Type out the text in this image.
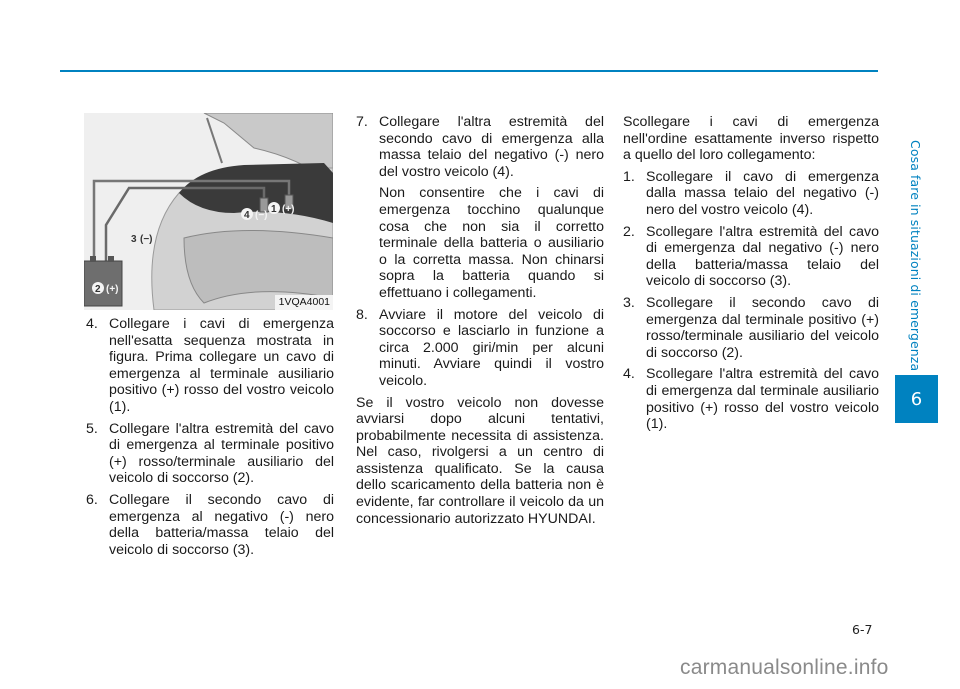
1 (+)
4 (−)
3 (−)
2 (+)
1VQA4001
4. Collegare i cavi di emergenza nell'esatta sequenza mostrata in figura. Prima collegare un cavo di emergenza al terminale ausiliario positivo (+) rosso del vostro veicolo (1).
5. Collegare l'altra estremità del cavo di emergenza al terminale positivo (+) rosso/terminale ausiliario del veicolo di soccorso (2).
6. Collegare il secondo cavo di emergenza al negativo (-) nero della batteria/massa telaio del veicolo di soccorso (3).
7. Collegare l'altra estremità del secondo cavo di emergenza alla massa telaio del negativo (-) nero del vostro veicolo (4).
Non consentire che i cavi di emergenza tocchino qualunque cosa che non sia il corretto terminale della batteria o ausiliario o la corretta massa. Non chinarsi sopra la batteria quando si effettuano i collegamenti.
8. Avviare il motore del veicolo di soccorso e lasciarlo in funzione a circa 2.000 giri/min per alcuni minuti. Avviare quindi il vostro veicolo.

Se il vostro veicolo non dovesse avviarsi dopo alcuni tentativi, probabilmente necessita di assistenza. Nel caso, rivolgersi a un centro di assistenza qualificato. Se la causa dello scaricamento della batteria non è evidente, far controllare il veicolo da un concessionario autorizzato HYUNDAI.

Scollegare i cavi di emergenza nell'ordine esattamente inverso rispetto a quello del loro collegamento:

1. Scollegare il cavo di emergenza dalla massa telaio del negativo (-) nero del vostro veicolo (4).
2. Scollegare l'altra estremità del cavo di emergenza dal negativo (-) nero della batteria/massa telaio del veicolo di soccorso (3).
3. Scollegare il secondo cavo di emergenza dal terminale positivo (+) rosso/terminale ausiliario del veicolo di soccorso (2).
4. Scollegare l'altra estremità del cavo di emergenza dal terminale ausiliario positivo (+) rosso del vostro veicolo (1).
Cosa fare in situazioni di emergenza
6
6-7
carmanualsonline.info
